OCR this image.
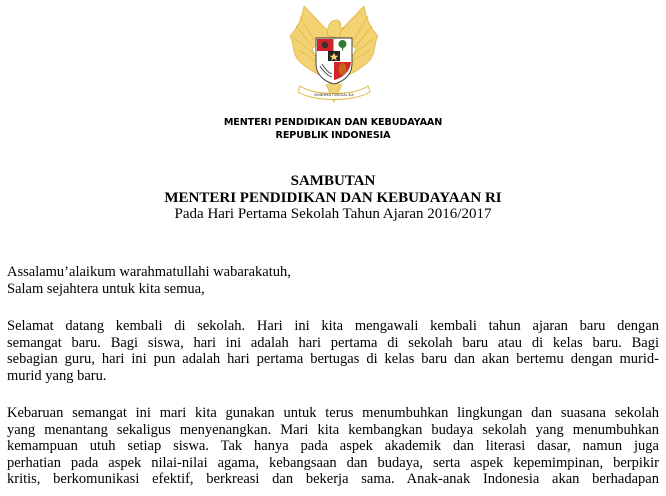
BHINNEKA TUNGGAL IKA
MENTERI PENDIDIKAN DAN KEBUDAYAAN
REPUBLIK INDONESIA
SAMBUTAN
MENTERI PENDIDIKAN DAN KEBUDAYAAN RI
Pada Hari Pertama Sekolah Tahun Ajaran 2016/2017
Assalamu’alaikum warahmatullahi wabarakatuh,
Salam sejahtera untuk kita semua,
Selamat datang kembali di sekolah. Hari ini kita mengawali kembali tahun ajaran baru dengan
semangat baru. Bagi siswa, hari ini adalah hari pertama di sekolah baru atau di kelas baru. Bagi
sebagian guru, hari ini pun adalah hari pertama bertugas di kelas baru dan akan bertemu dengan murid-
murid yang baru.
Kebaruan semangat ini mari kita gunakan untuk terus menumbuhkan lingkungan dan suasana sekolah
yang menantang sekaligus menyenangkan. Mari kita kembangkan budaya sekolah yang menumbuhkan
kemampuan utuh setiap siswa. Tak hanya pada aspek akademik dan literasi dasar, namun juga
perhatian pada aspek nilai-nilai agama, kebangsaan dan budaya, serta aspek kepemimpinan, berpikir
kritis, berkomunikasi efektif, berkreasi dan bekerja sama. Anak-anak Indonesia akan berhadapan
